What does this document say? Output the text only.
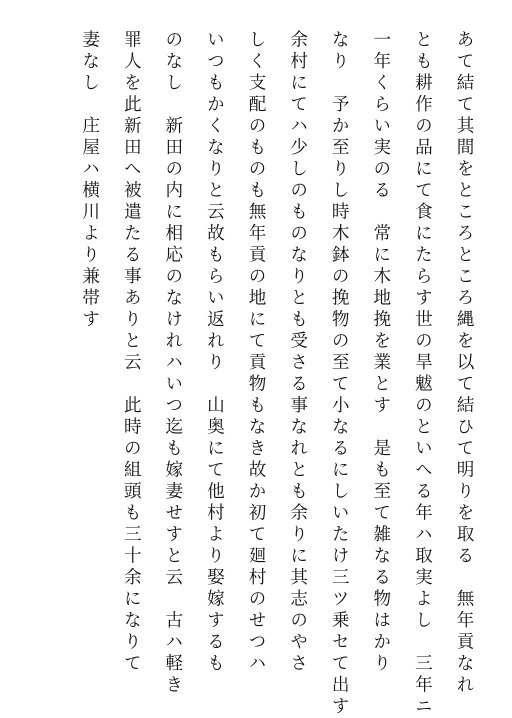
あて結て其間をところところ縄を以て結ひて明りを取る　無年貢なれ
とも耕作の品にて食にたらす世の旱魃のといへる年ハ取実よし　三年ニ
一年くらい実のる　常に木地挽を業とす　是も至て雑なる物はかり
なり　予か至りし時木鉢の挽物の至て小なるにしいたけ三ツ乗セて出す
余村にてハ少しのものなりとも受さる事なれとも余りに其志のやさ
しく支配のものも無年貢の地にて貢物もなき故か初て廻村のせつハ
いつもかくなりと云故もらい返れり　山奥にて他村より娶嫁するも
のなし　新田の内に相応のなけれハいつ迄も嫁妻せすと云　古ハ軽き
罪人を此新田へ被遣たる事ありと云　此時の組頭も三十余になりて
妻なし　庄屋ハ横川より兼帯す
